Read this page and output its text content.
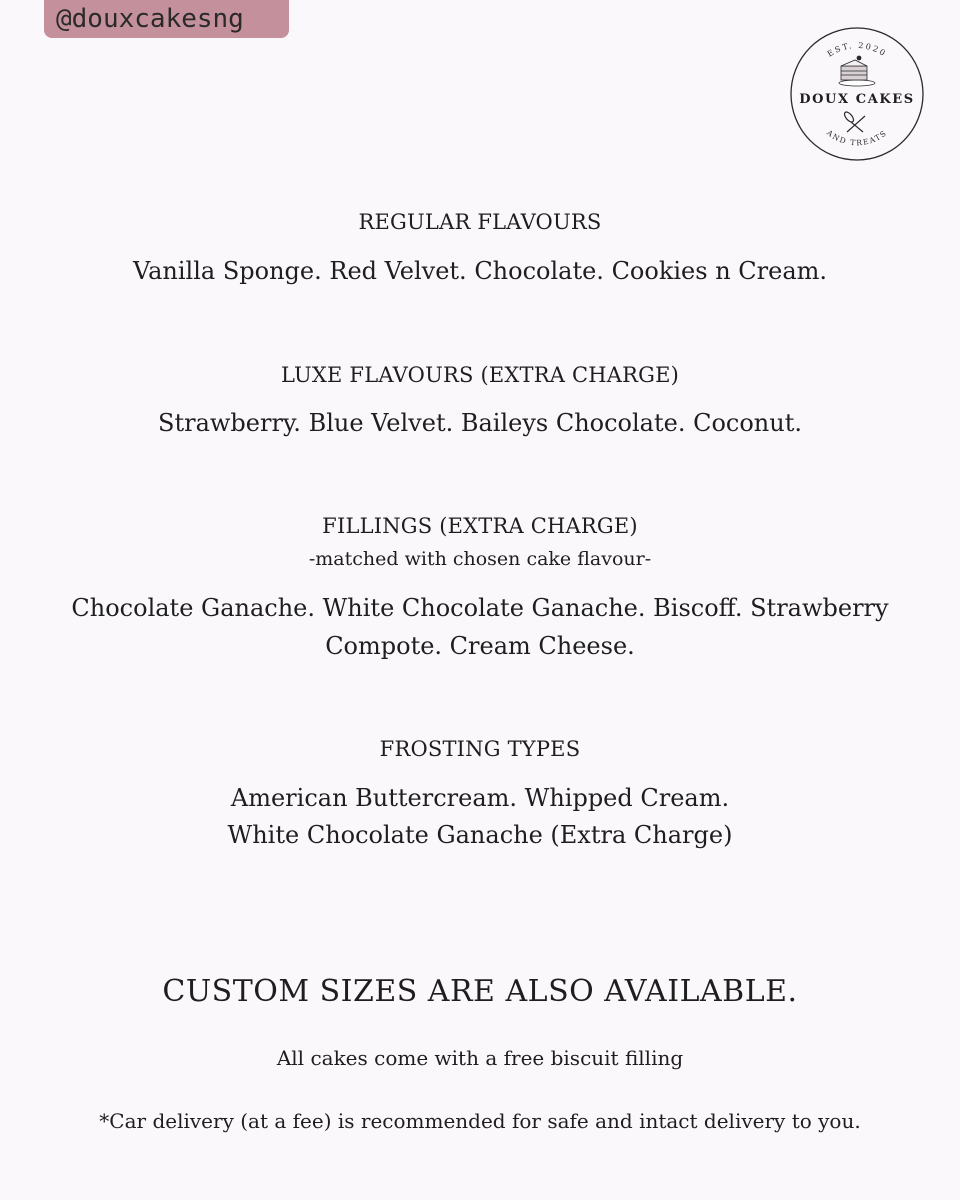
@douxcakesng
EST. 2020
DOUX CAKES
AND TREATS
REGULAR FLAVOURS
Vanilla Sponge. Red Velvet. Chocolate. Cookies n Cream.
LUXE FLAVOURS (EXTRA CHARGE)
Strawberry. Blue Velvet. Baileys Chocolate. Coconut.
FILLINGS (EXTRA CHARGE)
-matched with chosen cake flavour-
Chocolate Ganache. White Chocolate Ganache. Biscoff. Strawberry
Compote. Cream Cheese.
FROSTING TYPES
American Buttercream. Whipped Cream.
White Chocolate Ganache (Extra Charge)
CUSTOM SIZES ARE ALSO AVAILABLE.
All cakes come with a free biscuit filling
*Car delivery (at a fee) is recommended for safe and intact delivery to you.
